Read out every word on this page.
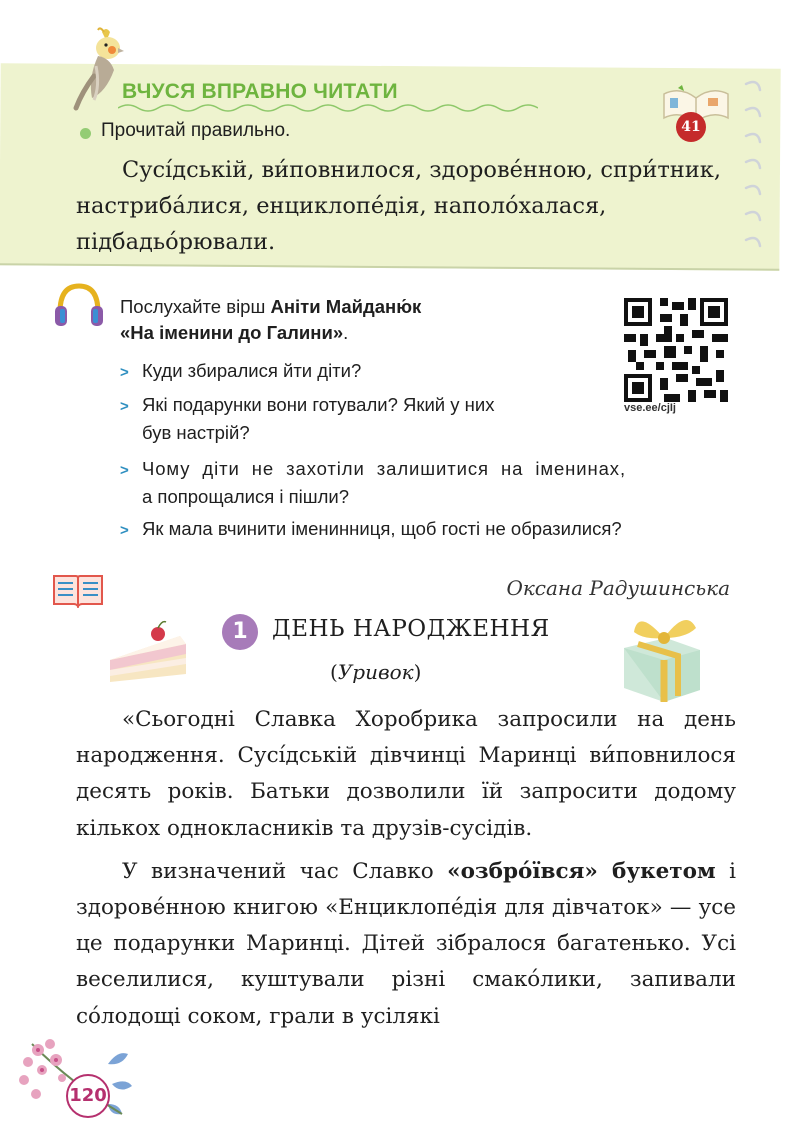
ВЧУСЯ ВПРАВНО ЧИТАТИ
41
Прочитай правильно.
Сусі́дській, ви́повнилося, здорове́нною, спри́тник, настриба́лися, енциклопе́дія, наполо́халася, підбадьо́рювали.
Послухайте вірш Аніти Майданю́к
«На іменини до Галини».
vse.ee/cjIj
> Куди збиралися йти діти?
> Які подарунки вони готували? Який у них
був настрій?
> Чому діти не захотіли залишитися на іменинах,
а попрощалися і пішли?
> Як мала вчинити іменинниця, щоб гості не образилися?
Оксана Радушинська
1	ДЕНЬ НАРОДЖЕННЯ
(Уривок)

«Сьогодні Славка Хоробрика запросили на день народження. Сусі́дській дівчинці Маринці ви́повнилося десять років. Батьки дозволили їй запросити додому кількох однокласників та друзів-сусідів.

У визначений час Славко «озбро́ївся» букетом і здорове́нною книгою «Енциклопе́дія для дівчаток» — усе це подарунки Маринці. Дітей зібралося багатенько. Усі веселилися, куштували різні смако́лики, запивали со́лодощі соком, грали в усілякі

120
